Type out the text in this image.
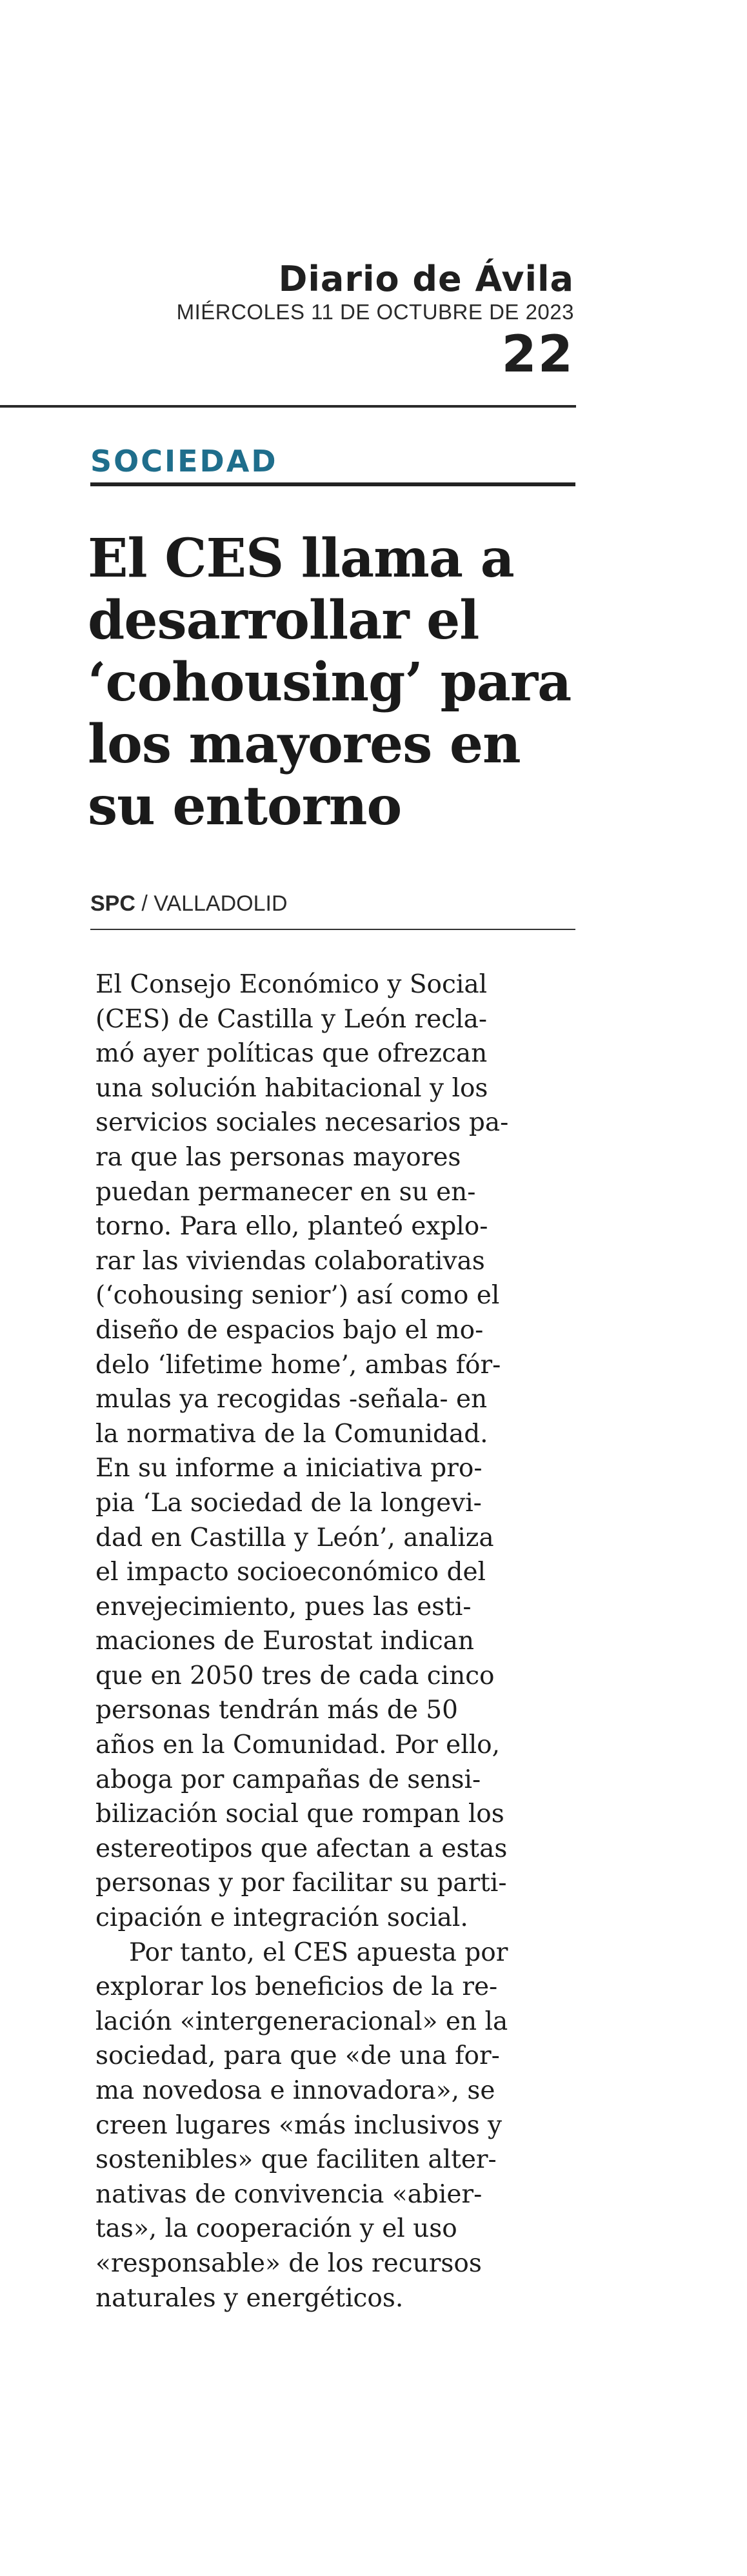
Diario de Ávila
MIÉRCOLES 11 DE OCTUBRE DE 2023
22
SOCIEDAD
El CES llama a
desarrollar el
‘cohousing’ para
los mayores en
su entorno
SPC / VALLADOLID
El Consejo Económico y Social
(CES) de Castilla y León recla-
mó ayer políticas que ofrezcan
una solución habitacional y los
servicios sociales necesarios pa-
ra que las personas mayores
puedan permanecer en su en-
torno. Para ello, planteó explo-
rar las viviendas colaborativas
(‘cohousing senior’) así como el
diseño de espacios bajo el mo-
delo ‘lifetime home’, ambas fór-
mulas ya recogidas -señala- en
la normativa de la Comunidad.
En su informe a iniciativa pro-
pia ‘La sociedad de la longevi-
dad en Castilla y León’, analiza
el impacto socioeconómico del
envejecimiento, pues las esti-
maciones de Eurostat indican
que en 2050 tres de cada cinco
personas tendrán más de 50
años en la Comunidad. Por ello,
aboga por campañas de sensi-
bilización social que rompan los
estereotipos que afectan a estas
personas y por facilitar su parti-
cipación e integración social.
Por tanto, el CES apuesta por
explorar los beneficios de la re-
lación «intergeneracional» en la
sociedad, para que «de una for-
ma novedosa e innovadora», se
creen lugares «más inclusivos y
sostenibles» que faciliten alter-
nativas de convivencia «abier-
tas», la cooperación y el uso
«responsable» de los recursos
naturales y energéticos.
